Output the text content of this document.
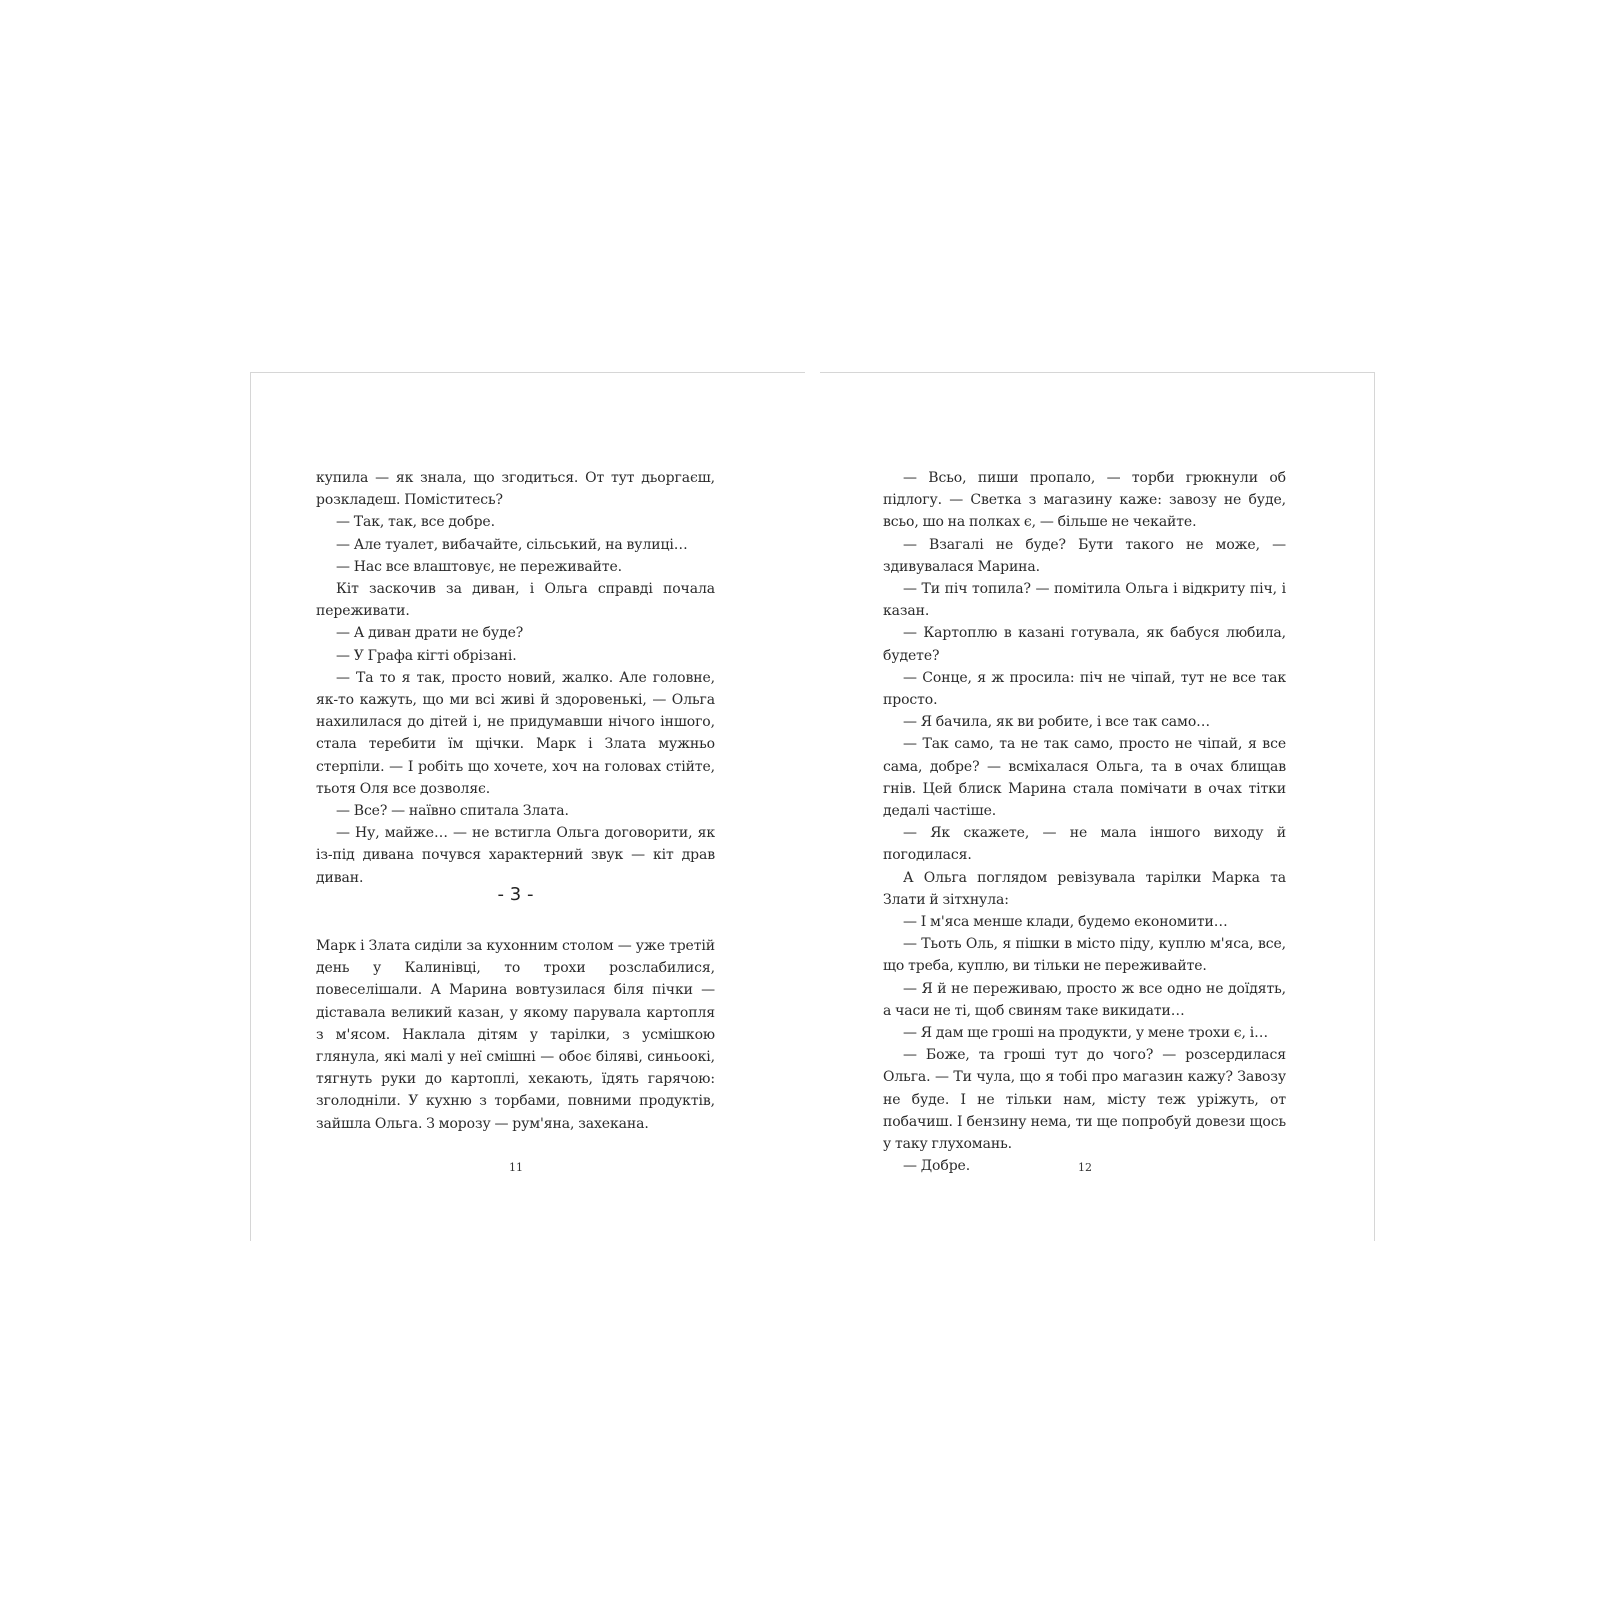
купила — як знала, що згодиться. От тут дьоргаєш, розкладеш. Поміститесь?

— Так, так, все добре.

— Але туалет, вибачайте, сільський, на вулиці…

— Нас все влаштовує, не переживайте.

Кіт заскочив за диван, і Ольга справді почала переживати.

— А диван драти не буде?

— У Графа кігті обрізані.

— Та то я так, просто новий, жалко. Але головне, як-то кажуть, що ми всі живі й здоровенькі, — Ольга нахилилася до дітей і, не придумавши нічого іншого, стала теребити їм щічки. Марк і Злата мужньо стерпіли. — І робіть що хочете, хоч на головах стійте, тьотя Оля все дозволяє.

— Все? — наївно спитала Злата.

— Ну, майже… — не встигла Ольга договорити, як із-під дивана почувся характерний звук — кіт драв диван.

- 3 -

Марк і Злата сиділи за кухонним столом — уже третій день у Калинівці, то трохи розслабилися, повеселішали. А Марина вовтузилася біля пічки — діставала великий казан, у якому парувала картопля з м'ясом. Наклала дітям у тарілки, з усмішкою глянула, які малі у неї смішні — обоє біляві, синьоокі, тягнуть руки до картоплі, хекають, їдять гарячою: зголодніли. У кухню з торбами, повними продуктів, зайшла Ольга. З морозу — рум'яна, захекана.

11

— Всьо, пиши пропало, — торби грюкнули об підлогу. — Светка з магазину каже: завозу не буде, всьо, шо на полках є, — більше не чекайте.

— Взагалі не буде? Бути такого не може, — здивувалася Марина.

— Ти піч топила? — помітила Ольга і відкриту піч, і казан.

— Картоплю в казані готувала, як бабуся любила, будете?

— Сонце, я ж просила: піч не чіпай, тут не все так просто.

— Я бачила, як ви робите, і все так само…

— Так само, та не так само, просто не чіпай, я все сама, добре? — всміхалася Ольга, та в очах блищав гнів. Цей блиск Марина стала помічати в очах тітки дедалі частіше.

— Як скажете, — не мала іншого виходу й погодилася.

А Ольга поглядом ревізувала тарілки Марка та Злати й зітхнула:

— І м'яса менше клади, будемо економити…

— Тьоть Оль, я пішки в місто піду, куплю м'яса, все, що треба, куплю, ви тільки не переживайте.

— Я й не переживаю, просто ж все одно не доїдять, а часи не ті, щоб свиням таке викидати…

— Я дам ще гроші на продукти, у мене трохи є, і…

— Боже, та гроші тут до чого? — розсердилася Ольга. — Ти чула, що я тобі про магазин кажу? Завозу не буде. І не тільки нам, місту теж уріжуть, от побачиш. І бензину нема, ти ще попробуй довези щось у таку глухомань.

— Добре.	12
